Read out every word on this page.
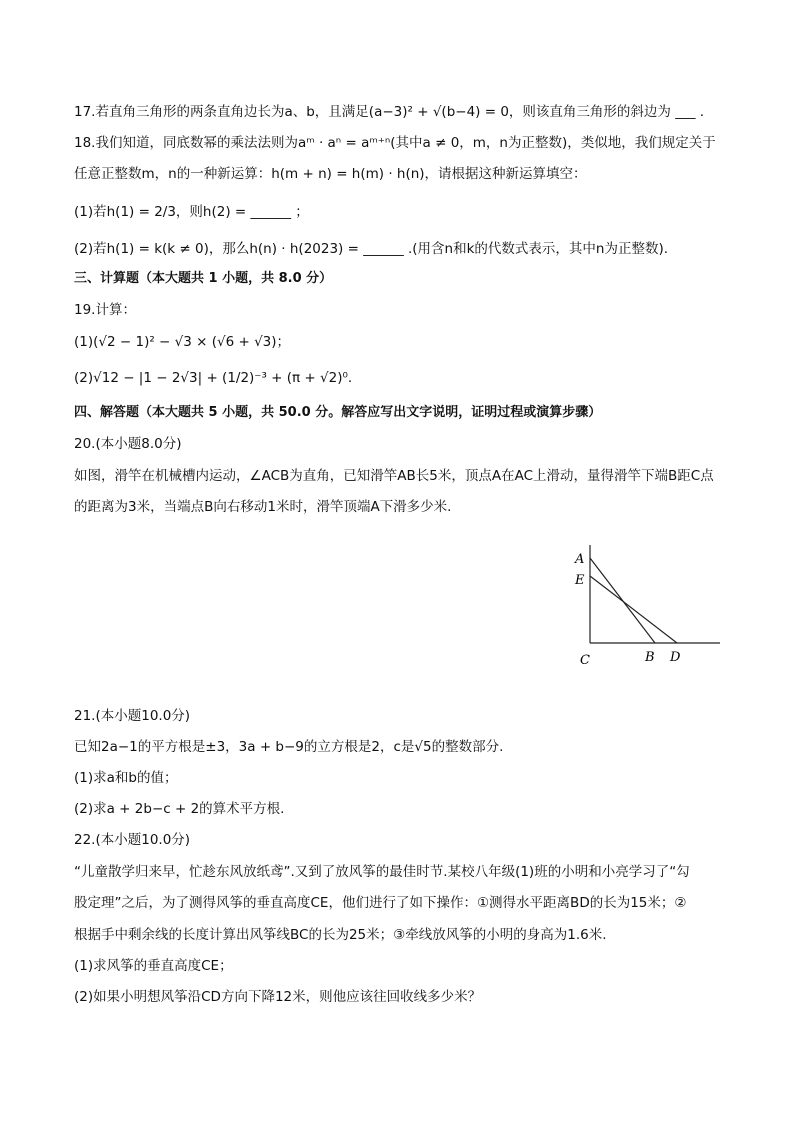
17.若直角三角形的两条直角边长为a、b，且满足(a−3)² + √(b−4) = 0，则该直角三角形的斜边为 ___ .
18.我们知道，同底数幂的乘法法则为aᵐ · aⁿ = aᵐ⁺ⁿ(其中a ≠ 0，m，n为正整数)，类似地，我们规定关于
任意正整数m，n的一种新运算：h(m + n) = h(m) · h(n)，请根据这种新运算填空：
(1)若h(1) = 2/3，则h(2) = ______ ；
(2)若h(1) = k(k ≠ 0)，那么h(n) · h(2023) = ______ .(用含n和k的代数式表示，其中n为正整数).
三、计算题（本大题共 1 小题，共 8.0 分）
19.计算：
(1)(√2 − 1)² − √3 × (√6 + √3)；
(2)√12 − |1 − 2√3| + (1/2)⁻³ + (π + √2)⁰.
四、解答题（本大题共 5 小题，共 50.0 分。解答应写出文字说明，证明过程或演算步骤）
20.(本小题8.0分)
如图，滑竿在机械槽内运动，∠ACB为直角，已知滑竿AB长5米，顶点A在AC上滑动，量得滑竿下端B距C点
的距离为3米，当端点B向右移动1米时，滑竿顶端A下滑多少米.
A
E
C	B D
21.(本小题10.0分)
已知2a−1的平方根是±3，3a + b−9的立方根是2，c是√5的整数部分.
(1)求a和b的值；
(2)求a + 2b−c + 2的算术平方根.
22.(本小题10.0分)
“儿童散学归来早，忙趁东风放纸鸢”.又到了放风筝的最佳时节.某校八年级(1)班的小明和小亮学习了“勾
股定理”之后，为了测得风筝的垂直高度CE，他们进行了如下操作：①测得水平距离BD的长为15米；②
根据手中剩余线的长度计算出风筝线BC的长为25米；③牵线放风筝的小明的身高为1.6米.
(1)求风筝的垂直高度CE；
(2)如果小明想风筝沿CD方向下降12米，则他应该往回收线多少米？
